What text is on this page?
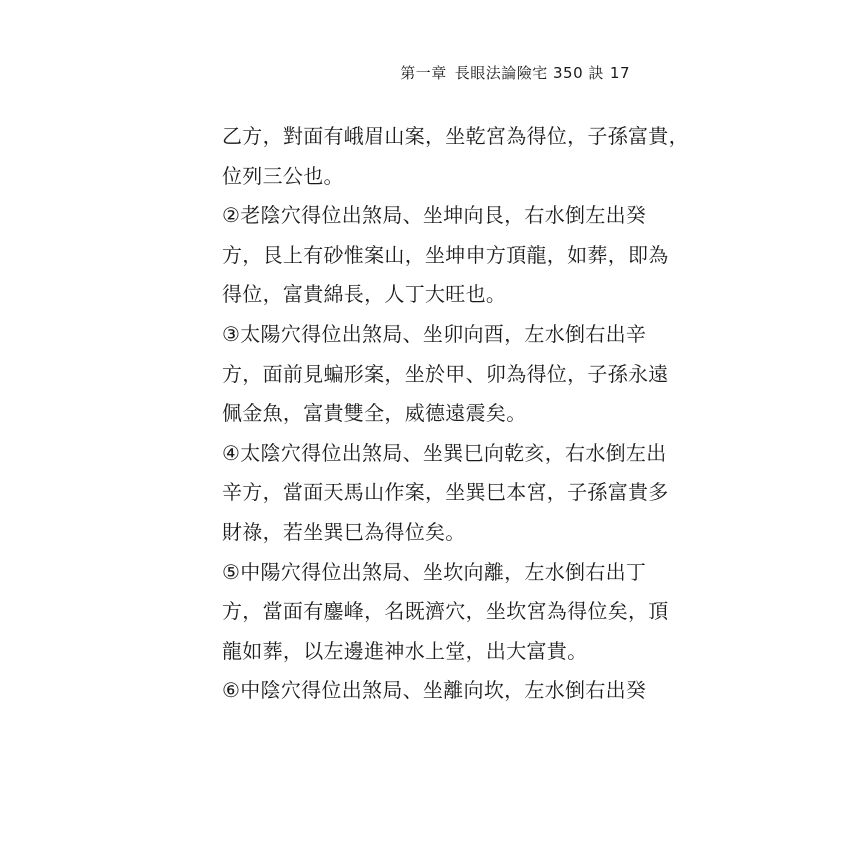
第一章 長眼法論險宅 350 訣 17
乙方，對面有峨眉山案，坐乾宮為得位，子孫富貴，
位列三公也。
②老陰穴得位出煞局、坐坤向艮，右水倒左出癸
方，艮上有砂惟案山，坐坤申方頂龍，如葬，即為
得位，富貴綿長，人丁大旺也。
③太陽穴得位出煞局、坐卯向酉，左水倒右出辛
方，面前見蝙形案，坐於甲、卯為得位，子孫永遠
佩金魚，富貴雙全，威德遠震矣。
④太陰穴得位出煞局、坐巽巳向乾亥，右水倒左出
辛方，當面天馬山作案，坐巽巳本宮，子孫富貴多
財祿，若坐巽巳為得位矣。
⑤中陽穴得位出煞局、坐坎向離，左水倒右出丁
方，當面有鏖峰，名既濟穴，坐坎宮為得位矣，頂
龍如葬，以左邊進神水上堂，出大富貴。
⑥中陰穴得位出煞局、坐離向坎，左水倒右出癸
